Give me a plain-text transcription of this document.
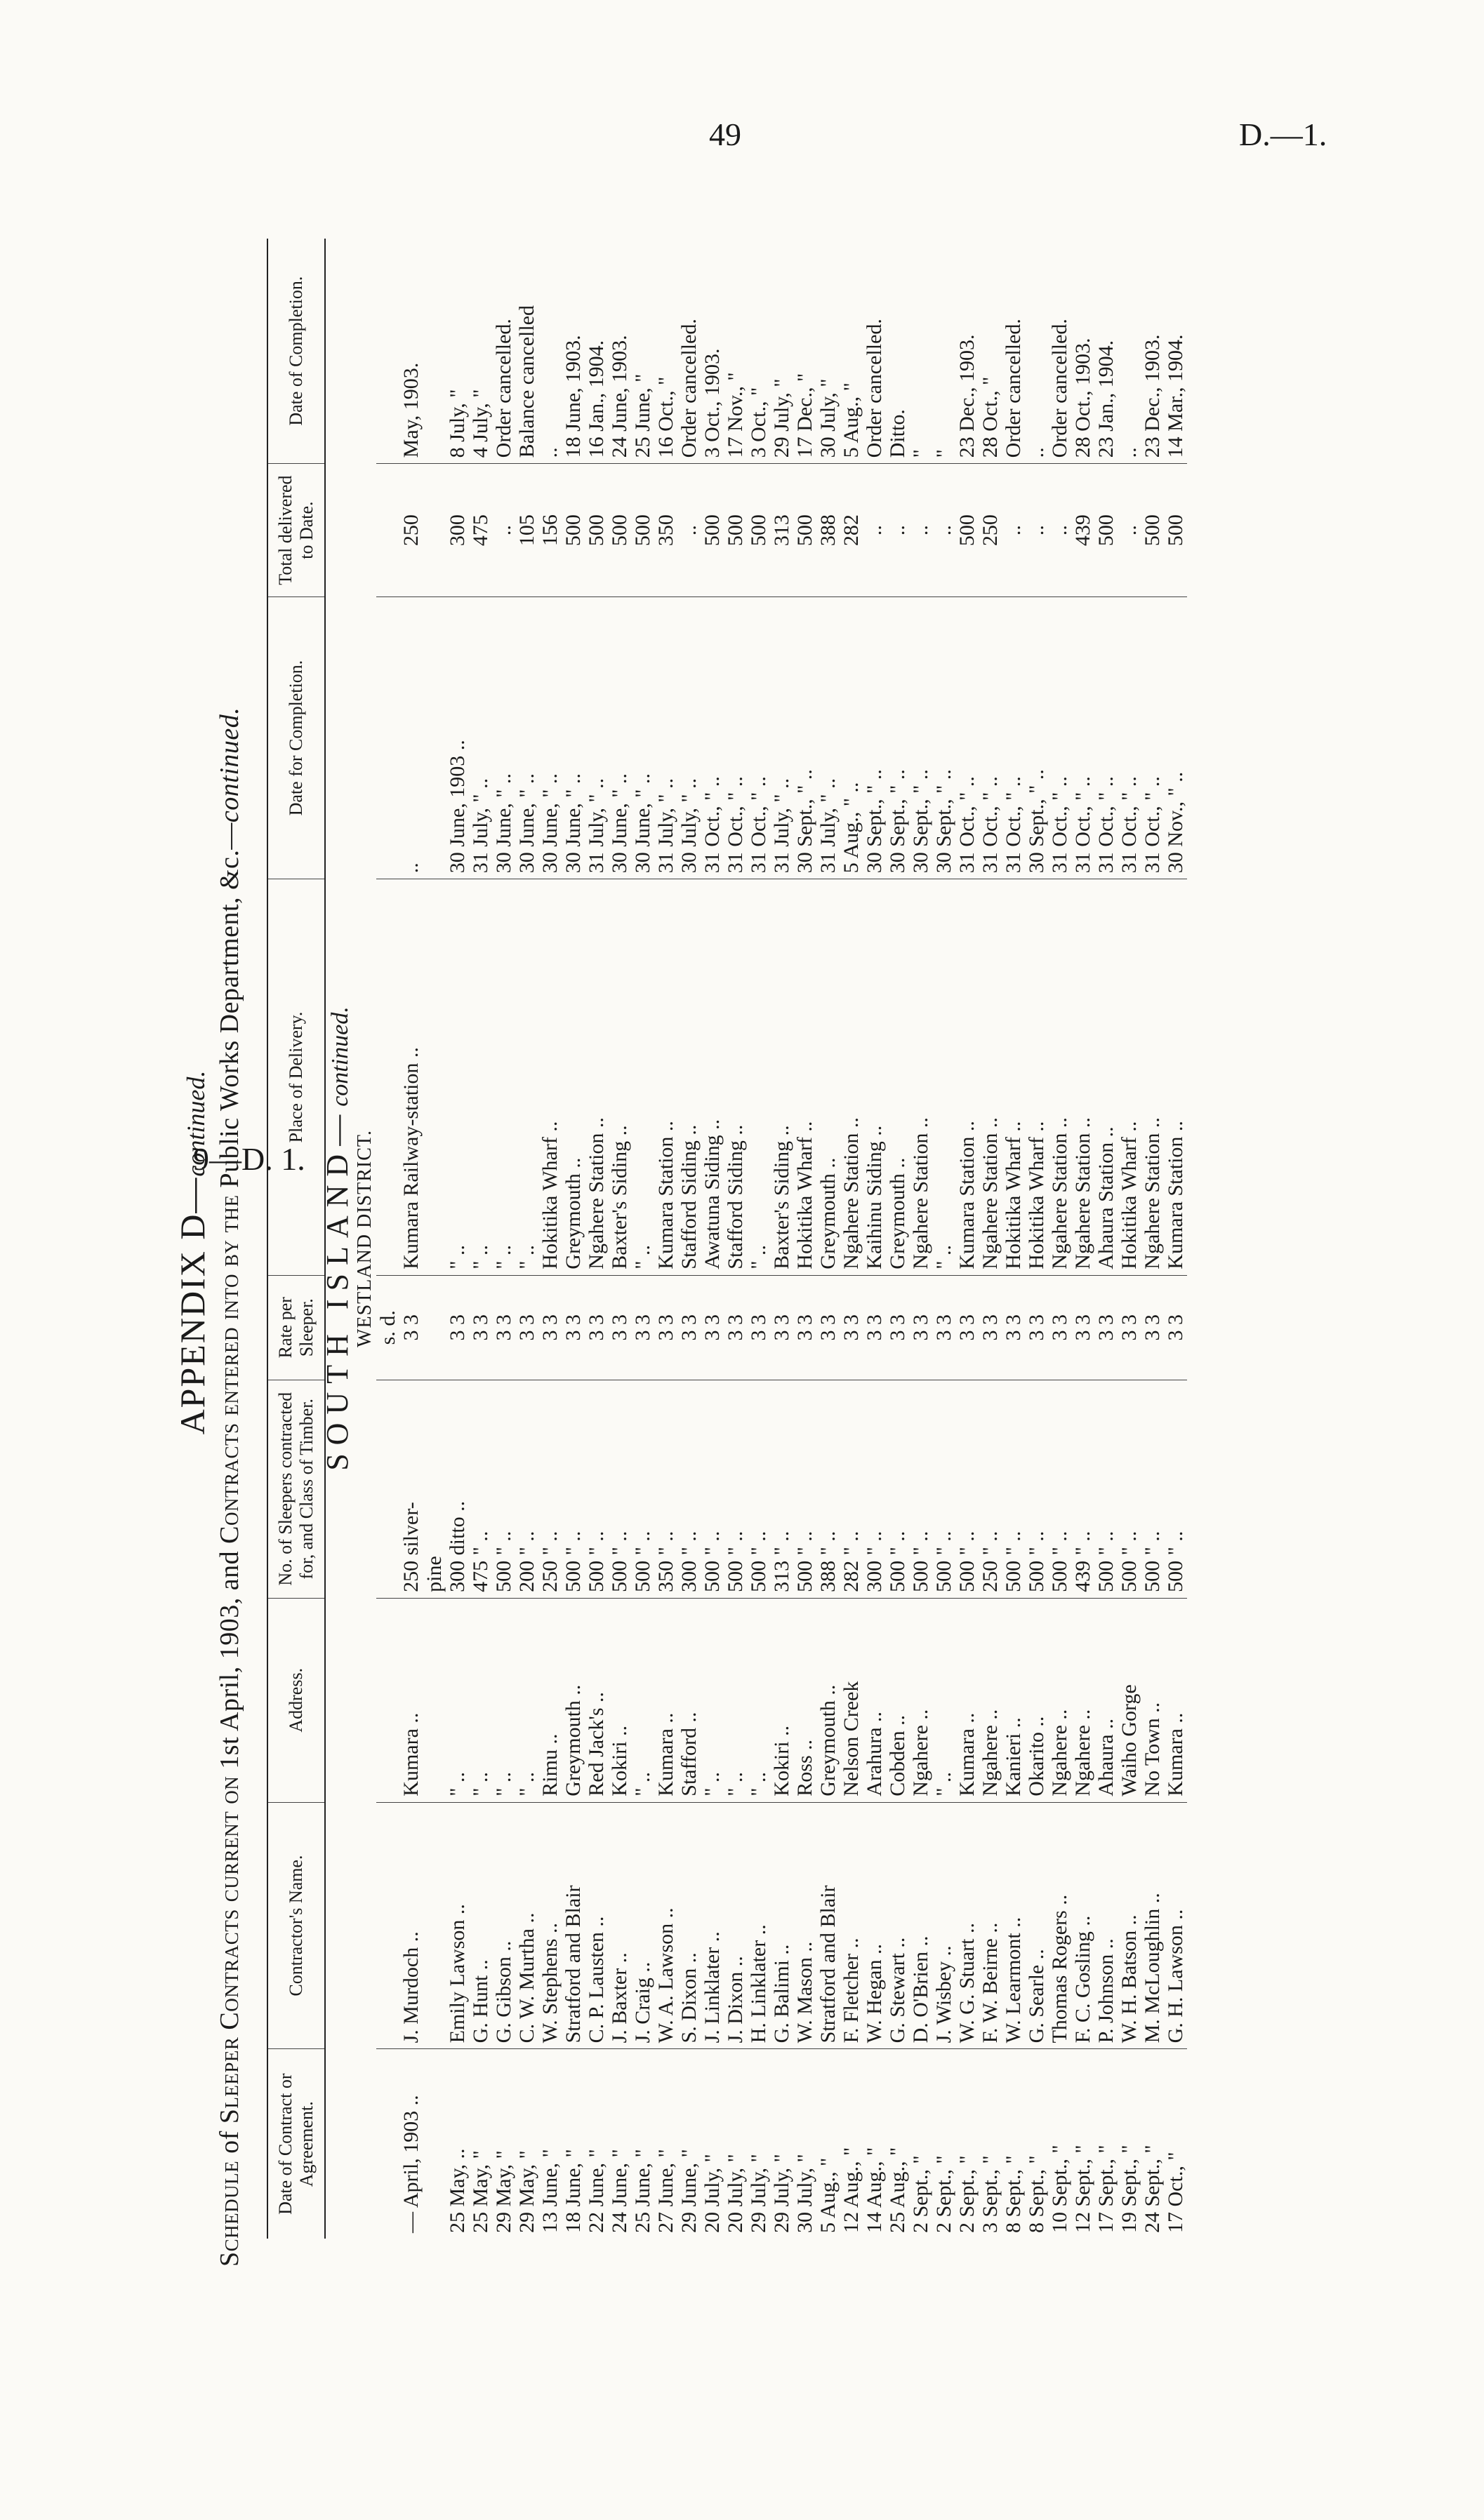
49	D.—1.
9—D. 1.
APPENDIX D—continued.
Schedule of Sleeper Contracts current on 1st April, 1903, and Contracts entered into by the Public Works Department, &c.—continued.
Date of Contract or Agreement.	Contractor's Name.	Address.	No. of Sleepers contracted for, and Class of Timber.	Rate per Sleeper.	Place of Delivery.	Date for Completion.	Total delivered to Date.	Date of Completion.
SOUTH ISLAND—continued.								
WESTLAND DISTRICT.								
				s. d.				
— April, 1903 ..	J. Murdoch ..	Kumara ..	250 silver-	3 3	Kumara Railway-station ..	..	250	May, 1903.
			pine					
25 May, ..	Emily Lawson ..	" ..	300 ditto ..	3 3	" ..	30 June, 1903 ..	300	8 July, "
25 May, "	G. Hunt ..	" ..	475 " ..	3 3	" ..	31 July, " ..	475	4 July, "
29 May, "	G. Gibson ..	" ..	500 " ..	3 3	" ..	30 June, " ..	..	Order cancelled.
29 May, "	C. W. Murtha ..	" ..	200 " ..	3 3	" ..	30 June, " ..	105	Balance cancelled
13 June, "	W. Stephens ..	Rimu ..	250 " ..	3 3	Hokitika Wharf ..	30 June, " ..	156	..
18 June, "	Stratford and Blair	Greymouth ..	500 " ..	3 3	Greymouth ..	30 June, " ..	500	18 June, 1903.
22 June, "	C. P. Lausten ..	Red Jack's ..	500 " ..	3 3	Ngahere Station ..	31 July, " ..	500	16 Jan., 1904.
24 June, "	J. Baxter ..	Kokiri ..	500 " ..	3 3	Baxter's Siding ..	30 June, " ..	500	24 June, 1903.
25 June, "	J. Craig ..	" ..	500 " ..	3 3	" ..	30 June, " ..	500	25 June, "
27 June, "	W. A. Lawson ..	Kumara ..	350 " ..	3 3	Kumara Station ..	31 July, " ..	350	16 Oct., "
29 June, "	S. Dixon ..	Stafford ..	300 " ..	3 3	Stafford Siding ..	30 July, " ..	..	Order cancelled.
20 July, "	J. Linklater ..	" ..	500 " ..	3 3	Awatuna Siding ..	31 Oct., " ..	500	3 Oct., 1903.
20 July, "	J. Dixon ..	" ..	500 " ..	3 3	Stafford Siding ..	31 Oct., " ..	500	17 Nov., "
29 July, "	H. Linklater ..	" ..	500 " ..	3 3	" ..	31 Oct., " ..	500	3 Oct., "
29 July, "	G. Balimi ..	Kokiri ..	313 " ..	3 3	Baxter's Siding ..	31 July, " ..	313	29 July, "
30 July, "	W. Mason ..	Ross ..	500 " ..	3 3	Hokitika Wharf ..	30 Sept., " ..	500	17 Dec., "
5 Aug., "	Stratford and Blair	Greymouth ..	388 " ..	3 3	Greymouth ..	31 July, " ..	388	30 July, "
12 Aug., "	F. Fletcher ..	Nelson Creek	282 " ..	3 3	Ngahere Station ..	5 Aug., " ..	282	5 Aug., "
14 Aug., "	W. Hegan ..	Arahura ..	300 " ..	3 3	Kaihinu Siding ..	30 Sept., " ..	..	Order cancelled.
25 Aug., "	G. Stewart ..	Cobden ..	500 " ..	3 3	Greymouth ..	30 Sept., " ..	..	Ditto.
2 Sept., "	D. O'Brien ..	Ngahere ..	500 " ..	3 3	Ngahere Station ..	30 Sept., " ..	..	"
2 Sept., "	J. Wisbey ..	" ..	500 " ..	3 3	" ..	30 Sept., " ..	..	"
2 Sept., "	W. G. Stuart ..	Kumara ..	500 " ..	3 3	Kumara Station ..	31 Oct., " ..	500	23 Dec., 1903.
3 Sept., "	F. W. Beirne ..	Ngahere ..	250 " ..	3 3	Ngahere Station ..	31 Oct., " ..	250	28 Oct., "
8 Sept., "	W. Learmont ..	Kanieri ..	500 " ..	3 3	Hokitika Wharf ..	31 Oct., " ..	..	Order cancelled.
8 Sept., "	G. Searle ..	Okarito ..	500 " ..	3 3	Hokitika Wharf ..	30 Sept., " ..	..	..
10 Sept., "	Thomas Rogers ..	Ngahere ..	500 " ..	3 3	Ngahere Station ..	31 Oct., " ..	..	Order cancelled.
12 Sept., "	F. C. Gosling ..	Ngahere ..	439 " ..	3 3	Ngahere Station ..	31 Oct., " ..	439	28 Oct., 1903.
17 Sept., "	P. Johnson ..	Ahaura ..	500 " ..	3 3	Ahaura Station ..	31 Oct., " ..	500	23 Jan., 1904.
19 Sept., "	W. H. Batson ..	Waiho Gorge	500 " ..	3 3	Hokitika Wharf ..	31 Oct., " ..	..	..
24 Sept., "	M. McLoughlin ..	No Town ..	500 " ..	3 3	Ngahere Station ..	31 Oct., " ..	500	23 Dec., 1903.
17 Oct., "	G. H. Lawson ..	Kumara ..	500 " ..	3 3	Kumara Station ..	30 Nov., " ..	500	14 Mar., 1904.
